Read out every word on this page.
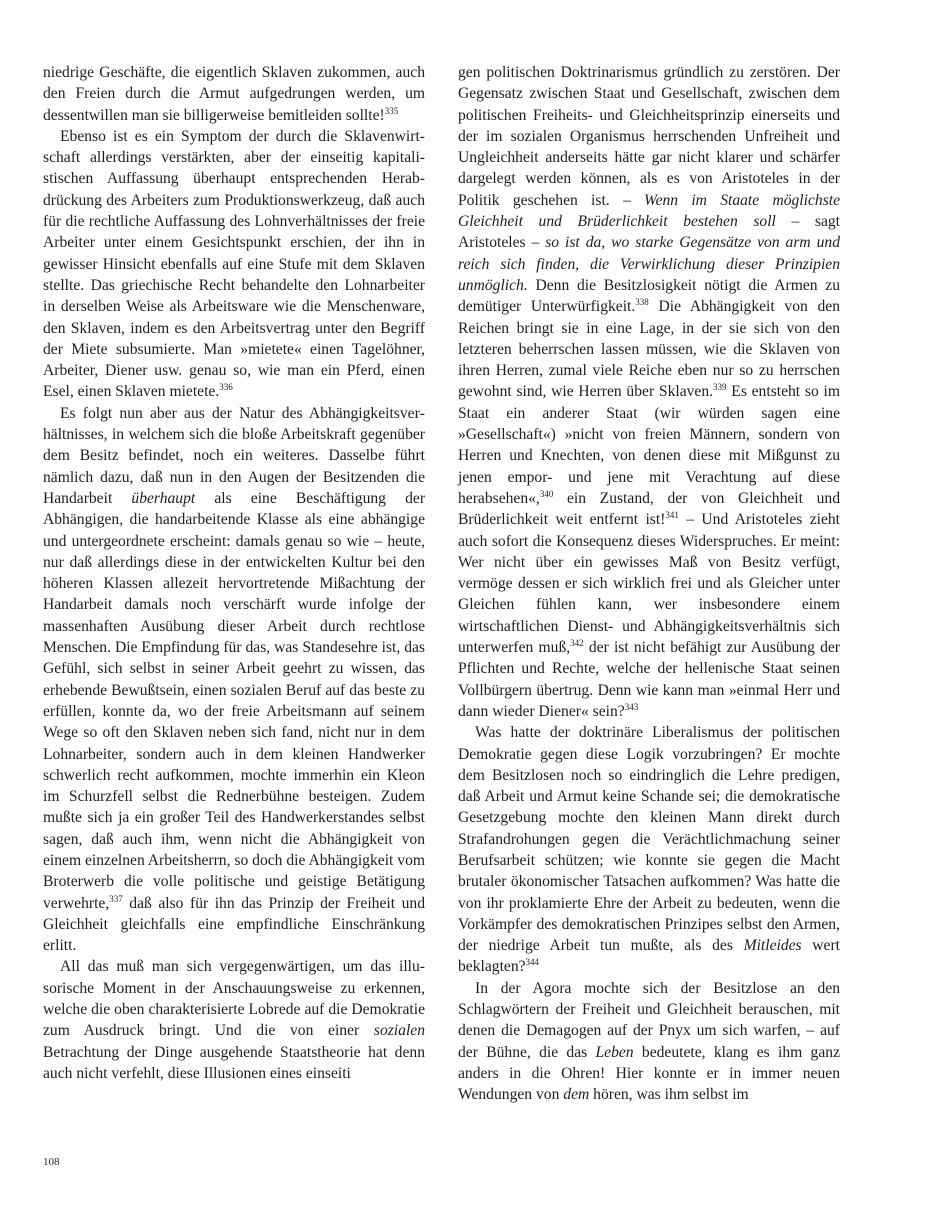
niedrige Geschäfte, die eigentlich Sklaven zukommen, auch den Freien durch die Armut aufgedrungen werden, um dessentwillen man sie billigerweise bemitleiden sollte!$^{335}$

Ebenso ist es ein Symptom der durch die Sklavenwirtschaft allerdings verstärkten, aber der einseitig kapitalistischen Auffassung überhaupt entsprechenden Herabdrückung des Arbeiters zum Produktionswerkzeug, daß auch für die rechtliche Auffassung des Lohnverhältnisses der freie Arbeiter unter einem Gesichtspunkt erschien, der ihn in gewisser Hinsicht ebenfalls auf eine Stufe mit dem Sklaven stellte. Das griechische Recht behandelte den Lohnarbeiter in derselben Weise als Arbeitsware wie die Menschenware, den Sklaven, indem es den Arbeitsvertrag unter den Begriff der Miete subsumierte. Man »mietete« einen Tagelöhner, Arbeiter, Diener usw. genau so, wie man ein Pferd, einen Esel, einen Sklaven mietete.$^{336}$

Es folgt nun aber aus der Natur des Abhängigkeitsverhältnisses, in welchem sich die bloße Arbeitskraft gegenüber dem Besitz befindet, noch ein weiteres. Dasselbe führt nämlich dazu, daß nun in den Augen der Besitzenden die Handarbeit überhaupt als eine Beschäftigung der Abhängigen, die handarbeitende Klasse als eine abhängige und untergeordnete erscheint: damals genau so wie – heute, nur daß allerdings diese in der entwickelten Kultur bei den höheren Klassen allezeit hervortretende Mißachtung der Handarbeit damals noch verschärft wurde infolge der massenhaften Ausübung dieser Arbeit durch rechtlose Menschen. Die Empfindung für das, was Standesehre ist, das Gefühl, sich selbst in seiner Arbeit geehrt zu wissen, das erhebende Bewußtsein, einen sozialen Beruf auf das beste zu erfüllen, konnte da, wo der freie Arbeitsmann auf seinem Wege so oft den Sklaven neben sich fand, nicht nur in dem Lohnarbeiter, sondern auch in dem kleinen Handwerker schwerlich recht aufkommen, mochte immerhin ein Kleon im Schurzfell selbst die Rednerbühne besteigen. Zudem mußte sich ja ein großer Teil des Handwerkerstandes selbst sagen, daß auch ihm, wenn nicht die Abhängigkeit von einem einzelnen Arbeitsherrn, so doch die Abhängigkeit vom Broterwerb die volle politische und geistige Betätigung verwehrte,$^{337}$ daß also für ihn das Prinzip der Freiheit und Gleichheit gleichfalls eine empfindliche Einschränkung erlitt.

All das muß man sich vergegenwärtigen, um das illusorische Moment in der Anschauungsweise zu erkennen, welche die oben charakterisierte Lobrede auf die Demokratie zum Ausdruck bringt. Und die von einer sozialen Betrachtung der Dinge ausgehende Staatstheorie hat denn auch nicht verfehlt, diese Illusionen eines einseiti

gen politischen Doktrinarismus gründlich zu zerstören. Der Gegensatz zwischen Staat und Gesellschaft, zwischen dem politischen Freiheits- und Gleichheitsprinzip einerseits und der im sozialen Organismus herrschenden Unfreiheit und Ungleichheit anderseits hätte gar nicht klarer und schärfer dargelegt werden können, als es von Aristoteles in der Politik geschehen ist. – Wenn im Staate möglichste Gleichheit und Brüderlichkeit bestehen soll – sagt Aristoteles – so ist da, wo starke Gegensätze von arm und reich sich finden, die Verwirklichung dieser Prinzipien unmöglich. Denn die Besitzlosigkeit nötigt die Armen zu demütiger Unterwürfigkeit.$^{338}$ Die Abhängigkeit von den Reichen bringt sie in eine Lage, in der sie sich von den letzteren beherrschen lassen müssen, wie die Sklaven von ihren Herren, zumal viele Reiche eben nur so zu herrschen gewohnt sind, wie Herren über Sklaven.$^{339}$ Es entsteht so im Staat ein anderer Staat (wir würden sagen eine »Gesellschaft«) »nicht von freien Männern, sondern von Herren und Knechten, von denen diese mit Mißgunst zu jenen empor- und jene mit Verachtung auf diese herabsehen«,$^{340}$ ein Zustand, der von Gleichheit und Brüderlichkeit weit entfernt ist!$^{341}$ – Und Aristoteles zieht auch sofort die Konsequenz dieses Widerspruches. Er meint: Wer nicht über ein gewisses Maß von Besitz verfügt, vermöge dessen er sich wirklich frei und als Gleicher unter Gleichen fühlen kann, wer insbesondere einem wirtschaftlichen Dienst- und Abhängigkeitsverhältnis sich unterwerfen muß,$^{342}$ der ist nicht befähigt zur Ausübung der Pflichten und Rechte, welche der hellenische Staat seinen Vollbürgern übertrug. Denn wie kann man »einmal Herr und dann wieder Diener« sein?$^{343}$

Was hatte der doktrinäre Liberalismus der politischen Demokratie gegen diese Logik vorzubringen? Er mochte dem Besitzlosen noch so eindringlich die Lehre predigen, daß Arbeit und Armut keine Schande sei; die demokratische Gesetzgebung mochte den kleinen Mann direkt durch Strafandrohungen gegen die Verächtlichmachung seiner Berufsarbeit schützen; wie konnte sie gegen die Macht brutaler ökonomischer Tatsachen aufkommen? Was hatte die von ihr proklamierte Ehre der Arbeit zu bedeuten, wenn die Vorkämpfer des demokratischen Prinzipes selbst den Armen, der niedrige Arbeit tun mußte, als des Mitleides wert beklagten?$^{344}$

In der Agora mochte sich der Besitzlose an den Schlagwörtern der Freiheit und Gleichheit berauschen, mit denen die Demagogen auf der Pnyx um sich warfen, – auf der Bühne, die das Leben bedeutete, klang es ihm ganz anders in die Ohren! Hier konnte er in immer neuen Wendungen von dem hören, was ihm selbst im

108
